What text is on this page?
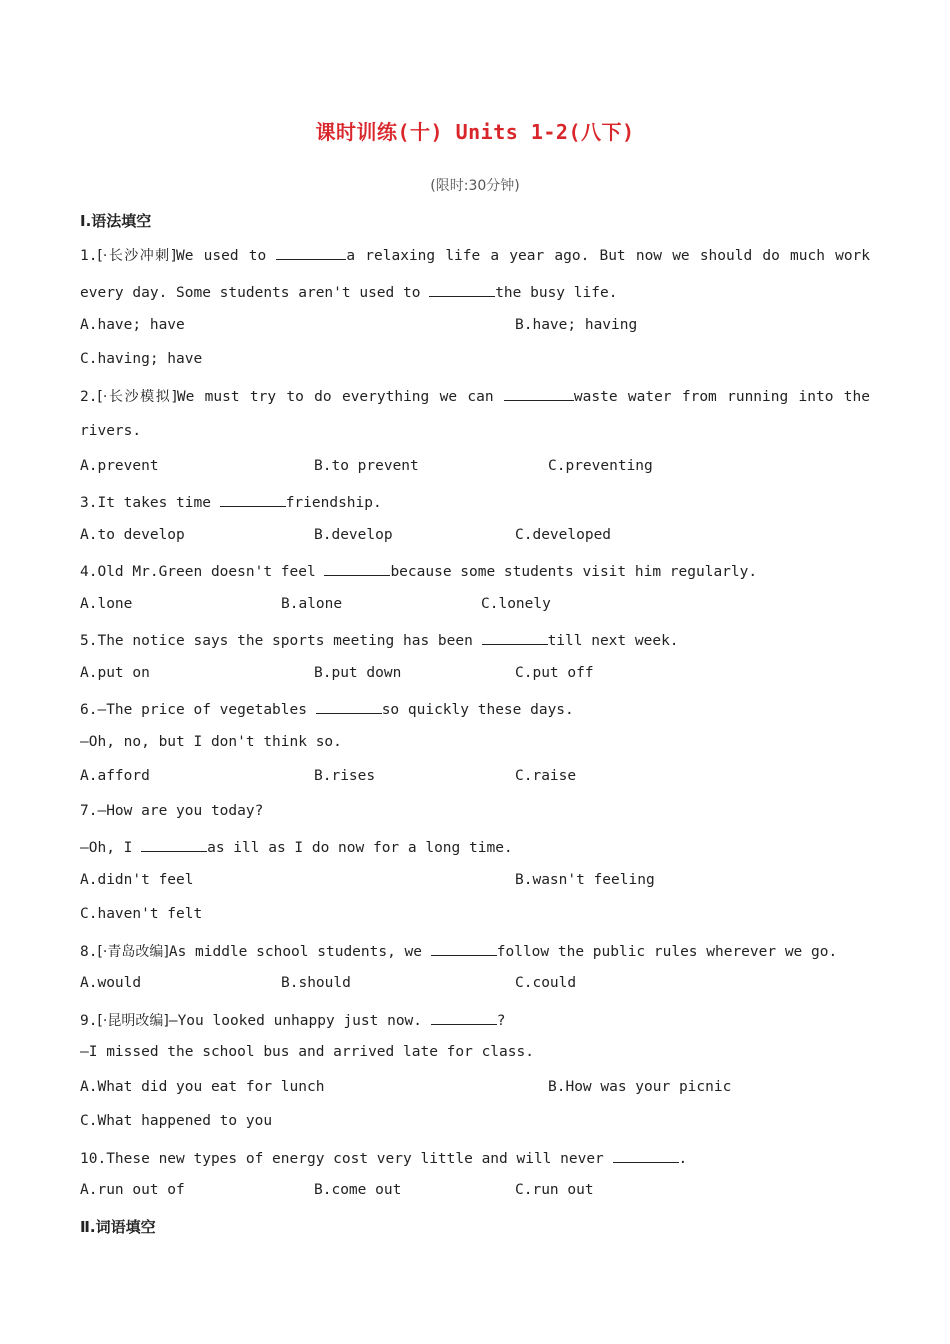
课时训练(十) Units 1-2(八下)
(限时:30分钟)
Ⅰ.语法填空
1.[·长沙冲刺]We used to	a relaxing life a year ago. But now we should do much work
every day. Some students aren't used to	the busy life.
A.have; have	B.have; having
C.having; have
2.[·长沙模拟]We must try to do everything we can	waste water from running into the
rivers.
A.prevent	B.to prevent	C.preventing
3.It takes time	friendship.
A.to develop	B.develop	C.developed
4.Old Mr.Green doesn't feel	because some students visit him regularly.
A.lone	B.alone	C.lonely
5.The notice says the sports meeting has been	till next week.
A.put on	B.put down	C.put off
6.—The price of vegetables	so quickly these days.
—Oh, no, but I don't think so.
A.afford	B.rises	C.raise
7.—How are you today?
—Oh, I	as ill as I do now for a long time.
A.didn't feel	B.wasn't feeling
C.haven't felt
8.[·青岛改编]As middle school students, we	follow the public rules wherever we go.
A.would	B.should	C.could
9.[·昆明改编]—You looked unhappy just now.	?
—I missed the school bus and arrived late for class.
A.What did you eat for lunch	B.How was your picnic
C.What happened to you
10.These new types of energy cost very little and will never	.
A.run out of	B.come out	C.run out
Ⅱ.词语填空
